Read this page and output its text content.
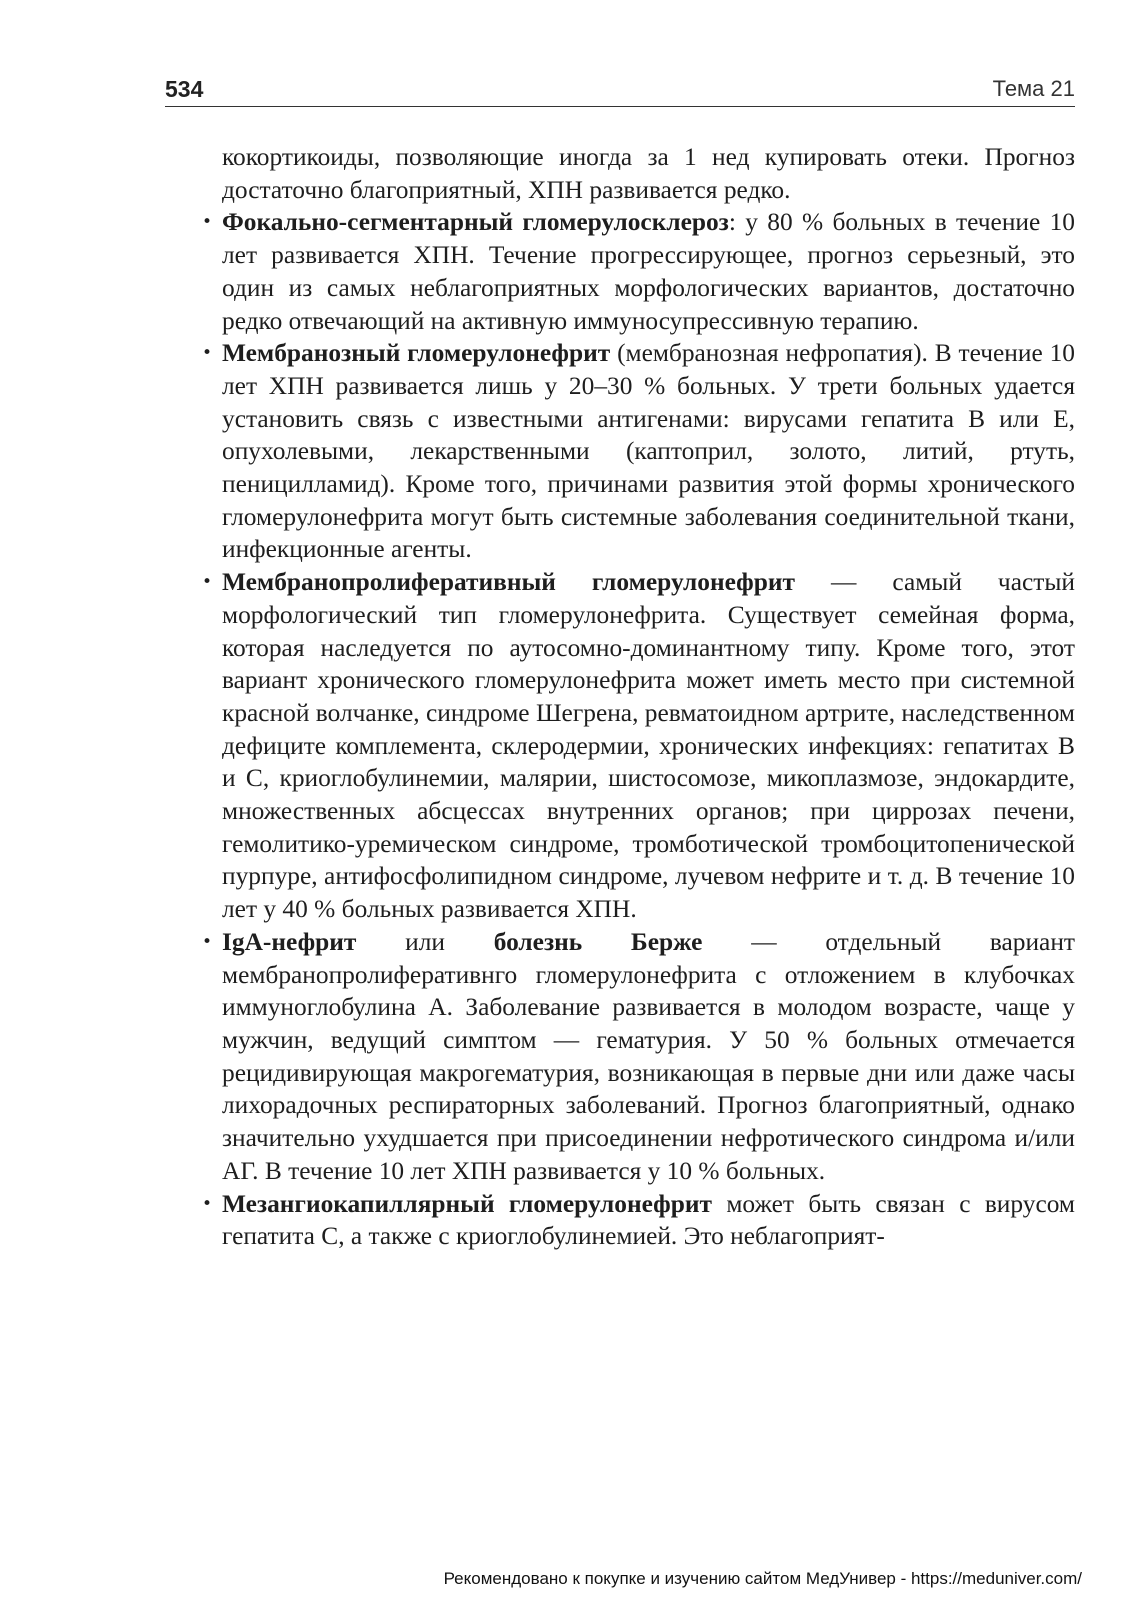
534	Тема 21

кокортикоиды, позволяющие иногда за 1 нед купировать отеки. Прогноз достаточно благоприятный, ХПН развивается редко.

• Фокально-сегментарный гломерулосклероз: у 80 % больных в течение 10 лет развивается ХПН. Течение прогрессирующее, прогноз серьезный, это один из самых неблагоприятных морфологических вариантов, достаточно редко отвечающий на активную иммуносупрессивную терапию.

• Мембранозный гломерулонефрит (мембранозная нефропатия). В течение 10 лет ХПН развивается лишь у 20–30 % больных. У трети больных удается установить связь с известными антигенами: вирусами гепатита В или Е, опухолевыми, лекарственными (каптоприл, золото, литий, ртуть, пеницилламид). Кроме того, причинами развития этой формы хронического гломерулонефрита могут быть системные заболевания соединительной ткани, инфекционные агенты.

• Мембранопролиферативный гломерулонефрит — самый частый морфологический тип гломерулонефрита. Существует семейная форма, которая наследуется по аутосомно-доминантному типу. Кроме того, этот вариант хронического гломерулонефрита может иметь место при системной красной волчанке, синдроме Шегрена, ревматоидном артрите, наследственном дефиците комплемента, склеродермии, хронических инфекциях: гепатитах В и С, криоглобулинемии, малярии, шистосомозе, микоплазмозе, эндокардите, множественных абсцессах внутренних органов; при циррозах печени, гемолитико-уремическом синдроме, тромботической тромбоцитопенической пурпуре, антифосфолипидном синдроме, лучевом нефрите и т. д. В течение 10 лет у 40 % больных развивается ХПН.

• IgA-нефрит или болезнь Берже — отдельный вариант мембранопролиферативнго гломерулонефрита с отложением в клубочках иммуноглобулина А. Заболевание развивается в молодом возрасте, чаще у мужчин, ведущий симптом — гематурия. У 50 % больных отмечается рецидивирующая макрогематурия, возникающая в первые дни или даже часы лихорадочных респираторных заболеваний. Прогноз благоприятный, однако значительно ухудшается при присоединении нефротического синдрома и/или АГ. В течение 10 лет ХПН развивается у 10 % больных.

• Мезангиокапиллярный гломерулонефрит может быть связан с вирусом гепатита С, а также с криоглобулинемией. Это неблагоприят-

Рекомендовано к покупке и изучению сайтом МедУнивер - https://meduniver.com/
